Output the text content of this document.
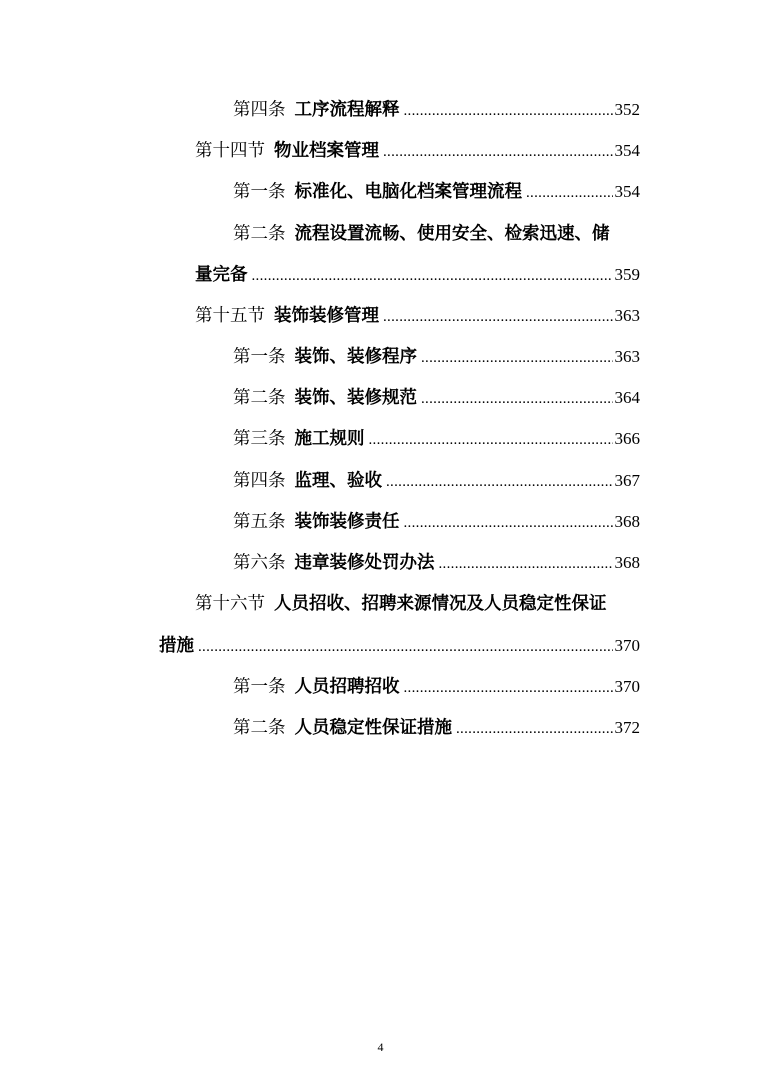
第四条 工序流程解释 .....	352
第十四节 物业档案管理 .....	354
第一条 标准化、电脑化档案管理流程 .....	354
第二条 流程设置流畅、使用安全、检索迅速、储
量完备 .....	359
第十五节 装饰装修管理 .....	363
第一条 装饰、装修程序 .....	363
第二条 装饰、装修规范 .....	364
第三条 施工规则 .....	366
第四条 监理、验收 .....	367
第五条 装饰装修责任 .....	368
第六条 违章装修处罚办法 .....	368
第十六节 人员招收、招聘来源情况及人员稳定性保证
措施 .....	370
第一条 人员招聘招收 .....	370
第二条 人员稳定性保证措施 .....	372
4
